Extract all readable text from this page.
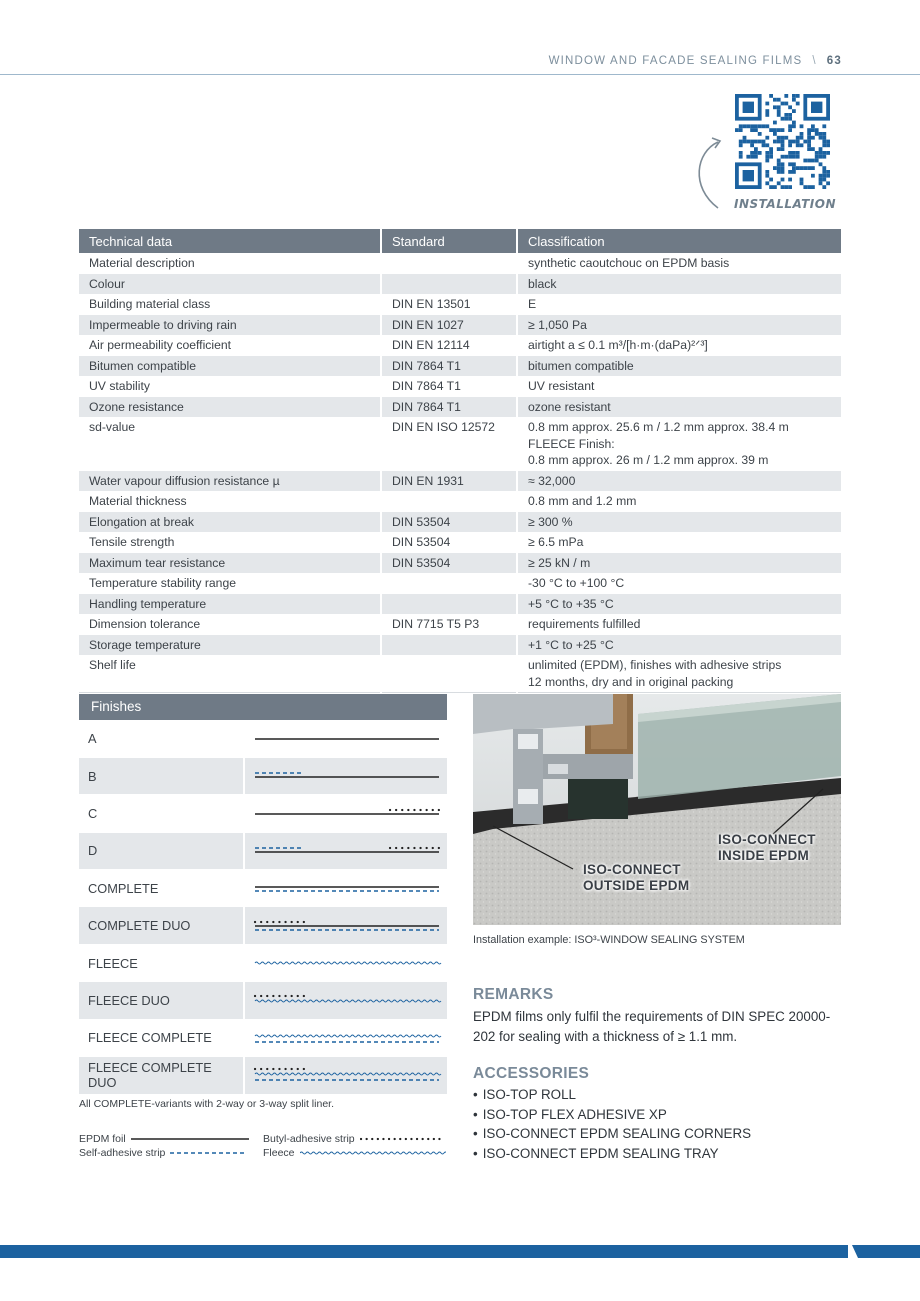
WINDOW AND FACADE SEALING FILMS \ 63
INSTALLATION
Technical data	Standard	Classification
Material description		synthetic caoutchouc on EPDM basis
Colour		black
Building material class	DIN EN 13501	E
Impermeable to driving rain	DIN EN 1027	≥ 1,050 Pa
Air permeability coefficient	DIN EN 12114	airtight a ≤ 0.1 m³/[h·m·(daPa)²ᐟ³]
Bitumen compatible	DIN 7864 T1	bitumen compatible
UV stability	DIN 7864 T1	UV resistant
Ozone resistance	DIN 7864 T1	ozone resistant
sd-value	DIN EN ISO 12572	0.8 mm approx. 25.6 m / 1.2 mm approx. 38.4 m
FLEECE Finish:
0.8 mm approx. 26 m / 1.2 mm approx. 39 m

Water vapour diffusion resistance µ	DIN EN 1931	≈ 32,000
Material thickness		0.8 mm and 1.2 mm
Elongation at break	DIN 53504	≥ 300 %
Tensile strength	DIN 53504	≥ 6.5 mPa
Maximum tear resistance	DIN 53504	≥ 25 kN / m
Temperature stability range		-30 °C to +100 °C
Handling temperature		+5 °C to +35 °C
Dimension tolerance	DIN 7715 T5 P3	requirements fulfilled
Storage temperature		+1 °C to +25 °C
Shelf life		unlimited (EPDM), finishes with adhesive strips
12 months, dry and in original packing
Finishes	
A	

B	

C	

D	

COMPLETE	

COMPLETE DUO	

FLEECE	

FLEECE DUO	

FLEECE COMPLETE	

FLEECE COMPLETE DUO	
All COMPLETE-variants with 2-way or 3-way split liner.
EPDM foil
Self-adhesive strip
Butyl-adhesive strip
Fleece
ISO-CONNECT
INSIDE EPDM
ISO-CONNECT
OUTSIDE EPDM
Installation example: ISO³-WINDOW SEALING SYSTEM
REMARKS
EPDM films only fulfil the requirements of DIN SPEC 20000-202 for sealing with a thickness of ≥ 1.1 mm.
ACCESSORIES
• ISO-TOP ROLL
• ISO-TOP FLEX ADHESIVE XP
• ISO-CONNECT EPDM SEALING CORNERS
• ISO-CONNECT EPDM SEALING TRAY
